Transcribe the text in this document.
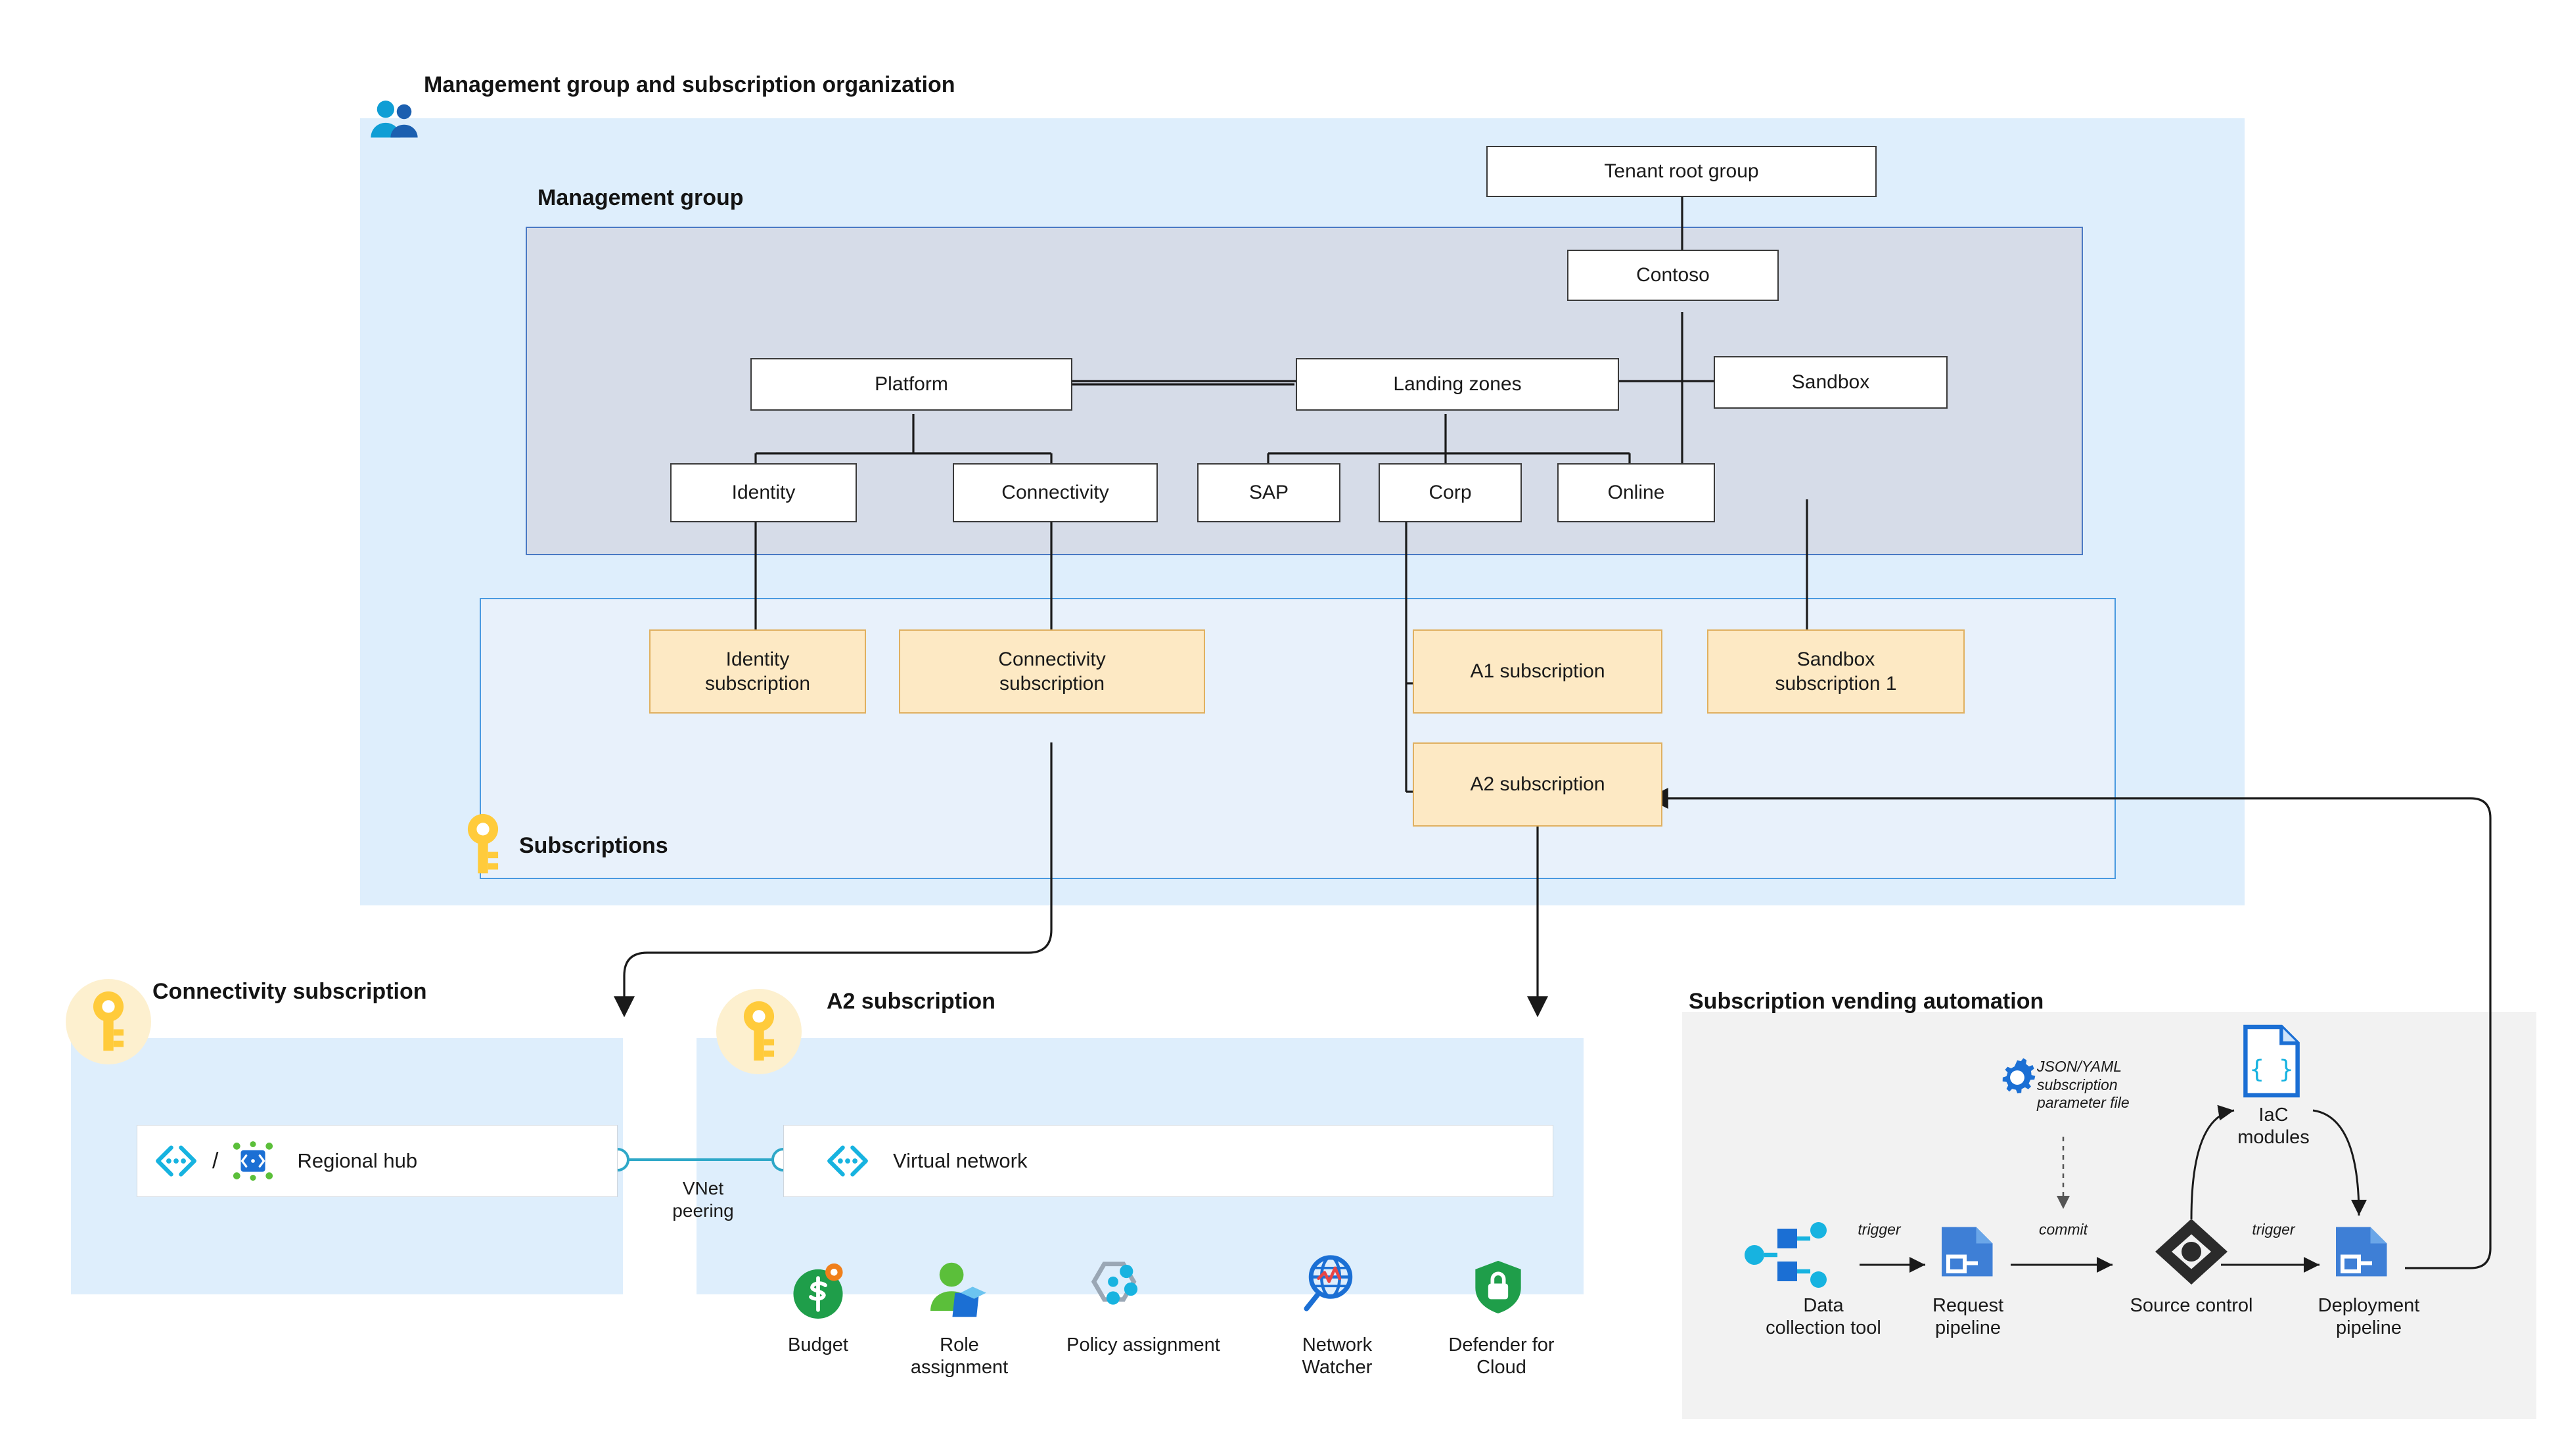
Management group and subscription organization
Management group
Subscriptions
Connectivity subscription	A2 subscription	Subscription vending automation
Tenant root group
Contoso
Platform	Landing zones	Sandbox
Identity	Connectivity	SAP	Corp	Online
Identity
subscription
Connectivity
subscription
A1 subscription
Sandbox
subscription 1
A2 subscription
/	Regional hub
VNet
peering
Virtual network
Budget	Role
assignment
Policy assignment	Network
Watcher
Defender for
Cloud
Data
collection tool
trigger
Request
pipeline
commit
JSON/YAML
subscription
parameter file
Source control
trigger
Deployment
pipeline
{ }
IaC
modules
